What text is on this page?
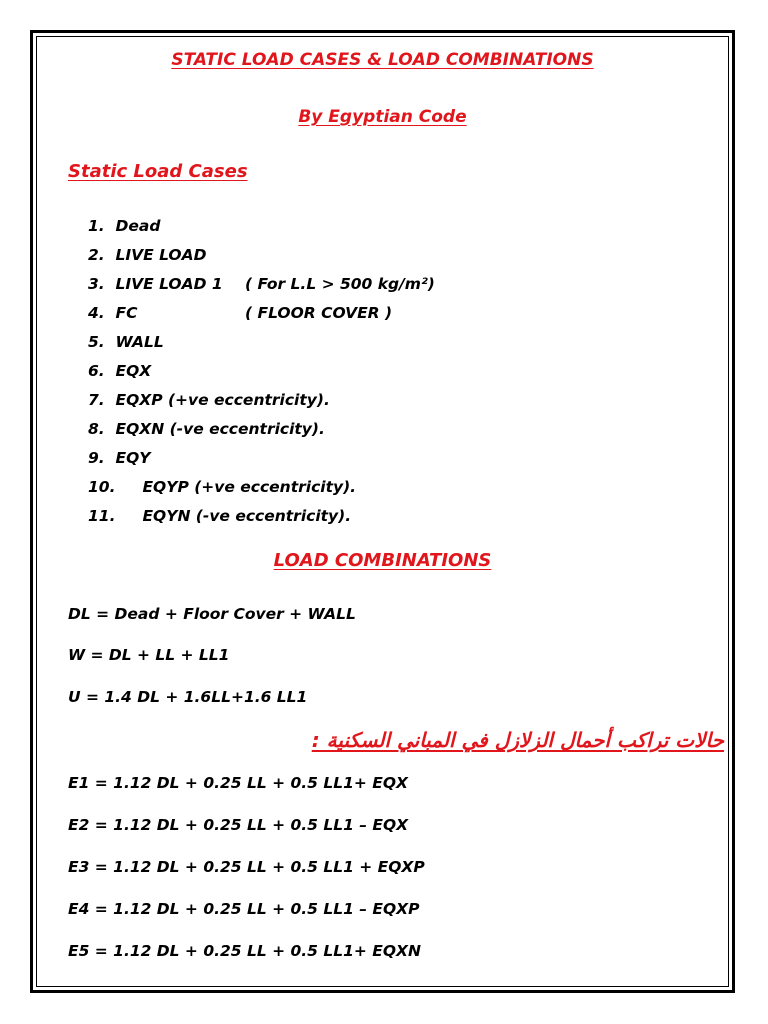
STATIC LOAD CASES & LOAD COMBINATIONS
By Egyptian Code
Static Load Cases
1. Dead
2. LIVE LOAD
3. LIVE LOAD 1 ( For L.L > 500 kg/m²)
4. FC	( FLOOR COVER )
5. WALL
6. EQX
7. EQXP (+ve eccentricity).
8. EQXN (-ve eccentricity).
9. EQY
10. EQYP (+ve eccentricity).
11. EQYN (-ve eccentricity).
LOAD COMBINATIONS
DL = Dead + Floor Cover + WALL
W = DL + LL + LL1
U = 1.4 DL + 1.6LL+1.6 LL1
حالات تراكب أحمال الزلازل في المباني السكنية :
E1 = 1.12 DL + 0.25 LL + 0.5 LL1+ EQX
E2 = 1.12 DL + 0.25 LL + 0.5 LL1 – EQX
E3 = 1.12 DL + 0.25 LL + 0.5 LL1 + EQXP
E4 = 1.12 DL + 0.25 LL + 0.5 LL1 – EQXP
E5 = 1.12 DL + 0.25 LL + 0.5 LL1+ EQXN
